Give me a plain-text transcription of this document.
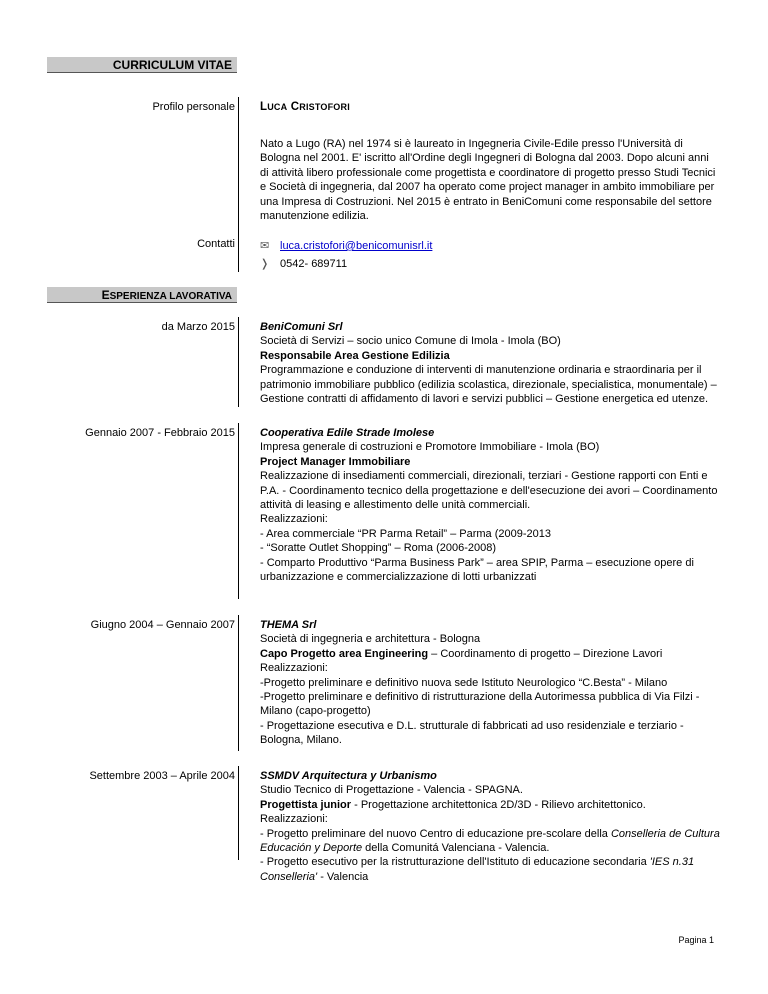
CURRICULUM VITAE
Profilo personale LUCA CRISTOFORI

Nato a Lugo (RA) nel 1974 si è laureato in Ingegneria Civile-Edile presso l'Università di Bologna nel 2001. E' iscritto all'Ordine degli Ingegneri di Bologna dal 2003. Dopo alcuni anni di attività libero professionale come progettista e coordinatore di progetto presso Studi Tecnici e Società di ingegneria, dal 2007 ha operato come project manager in ambito immobiliare per una Impresa di Costruzioni. Nel 2015 è entrato in BeniComuni come responsabile del settore manutenzione edilizia.

Contatti ✉ luca.cristofori@benicomunisrl.it

❭ 0542- 689711

ESPERIENZA LAVORATIVA
da Marzo 2015 BeniComuni Srl

Società di Servizi – socio unico Comune di Imola - Imola (BO)

Responsabile Area Gestione Edilizia

Programmazione e conduzione di interventi di manutenzione ordinaria e straordinaria per il patrimonio immobiliare pubblico (edilizia scolastica, direzionale, specialistica, monumentale) – Gestione contratti di affidamento di lavori e servizi pubblici – Gestione energetica ed utenze.

Gennaio 2007 - Febbraio 2015 Cooperativa Edile Strade Imolese

Impresa generale di costruzioni e Promotore Immobiliare - Imola (BO)

Project Manager Immobiliare

Realizzazione di insediamenti commerciali, direzionali, terziari - Gestione rapporti con Enti e P.A. - Coordinamento tecnico della progettazione e dell'esecuzione dei avori – Coordinamento attività di leasing e allestimento delle unità commerciali.

Realizzazioni:

- Area commerciale “PR Parma Retail” – Parma (2009-2013

- “Soratte Outlet Shopping” – Roma (2006-2008)

- Comparto Produttivo “Parma Business Park” – area SPIP, Parma – esecuzione opere di urbanizzazione e commercializzazione di lotti urbanizzati

Giugno 2004 – Gennaio 2007 THEMA Srl

Società di ingegneria e architettura - Bologna

Capo Progetto area Engineering – Coordinamento di progetto – Direzione Lavori

Realizzazioni:

-Progetto preliminare e definitivo nuova sede Istituto Neurologico “C.Besta” - Milano

-Progetto preliminare e definitivo di ristrutturazione della Autorimessa pubblica di Via Filzi - Milano (capo-progetto)

- Progettazione esecutiva e D.L. strutturale di fabbricati ad uso residenziale e terziario - Bologna, Milano.

Settembre 2003 – Aprile 2004 SSMDV Arquitectura y Urbanismo

Studio Tecnico di Progettazione - Valencia - SPAGNA.

Progettista junior - Progettazione architettonica 2D/3D - Rilievo architettonico.

Realizzazioni:

- Progetto preliminare del nuovo Centro di educazione pre-scolare della Conselleria de Cultura Educación y Deporte della Comunitá Valenciana - Valencia.

- Progetto esecutivo per la ristrutturazione dell'Istituto di educazione secondaria 'IES n.31 Conselleria' - Valencia

Pagina 1
